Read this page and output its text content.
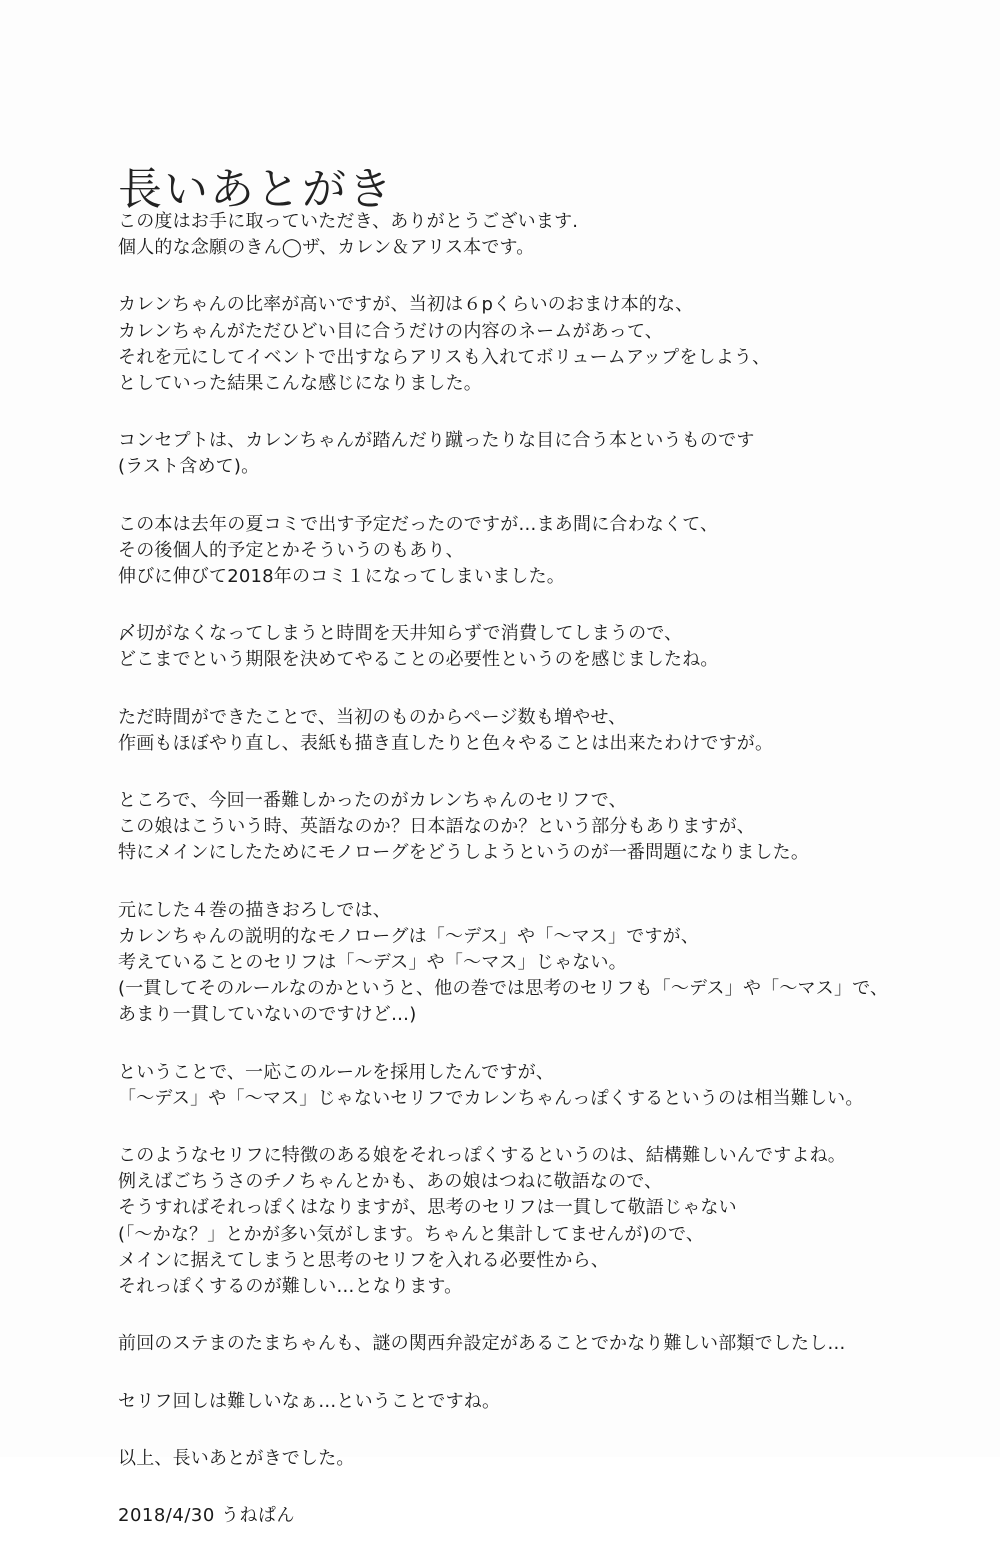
長いあとがき
この度はお手に取っていただき、ありがとうございます.
個人的な念願のきん◯ザ、カレン＆アリス本です。
カレンちゃんの比率が高いですが、当初は６pくらいのおまけ本的な、
カレンちゃんがただひどい目に合うだけの内容のネームがあって、
それを元にしてイベントで出すならアリスも入れてボリュームアップをしよう、
としていった結果こんな感じになりました。
コンセプトは、カレンちゃんが踏んだり蹴ったりな目に合う本というものです
(ラスト含めて)。
この本は去年の夏コミで出す予定だったのですが…まあ間に合わなくて、
その後個人的予定とかそういうのもあり、
伸びに伸びて2018年のコミ１になってしまいました。
〆切がなくなってしまうと時間を天井知らずで消費してしまうので、
どこまでという期限を決めてやることの必要性というのを感じましたね。
ただ時間ができたことで、当初のものからページ数も増やせ、
作画もほぼやり直し、表紙も描き直したりと色々やることは出来たわけですが。
ところで、今回一番難しかったのがカレンちゃんのセリフで、
この娘はこういう時、英語なのか？日本語なのか？という部分もありますが、
特にメインにしたためにモノローグをどうしようというのが一番問題になりました。
元にした４巻の描きおろしでは、
カレンちゃんの説明的なモノローグは「〜デス」や「〜マス」ですが、
考えていることのセリフは「〜デス」や「〜マス」じゃない。
(一貫してそのルールなのかというと、他の巻では思考のセリフも「〜デス」や「〜マス」で、
あまり一貫していないのですけど…)
ということで、一応このルールを採用したんですが、
「〜デス」や「〜マス」じゃないセリフでカレンちゃんっぽくするというのは相当難しい。
このようなセリフに特徴のある娘をそれっぽくするというのは、結構難しいんですよね。
例えばごちうさのチノちゃんとかも、あの娘はつねに敬語なので、
そうすればそれっぽくはなりますが、思考のセリフは一貫して敬語じゃない
(「〜かな？」とかが多い気がします。ちゃんと集計してませんが)ので、
メインに据えてしまうと思考のセリフを入れる必要性から、
それっぽくするのが難しい…となります。
前回のステまのたまちゃんも、謎の関西弁設定があることでかなり難しい部類でしたし…
セリフ回しは難しいなぁ…ということですね。
以上、長いあとがきでした。
2018/4/30 うねぱん
